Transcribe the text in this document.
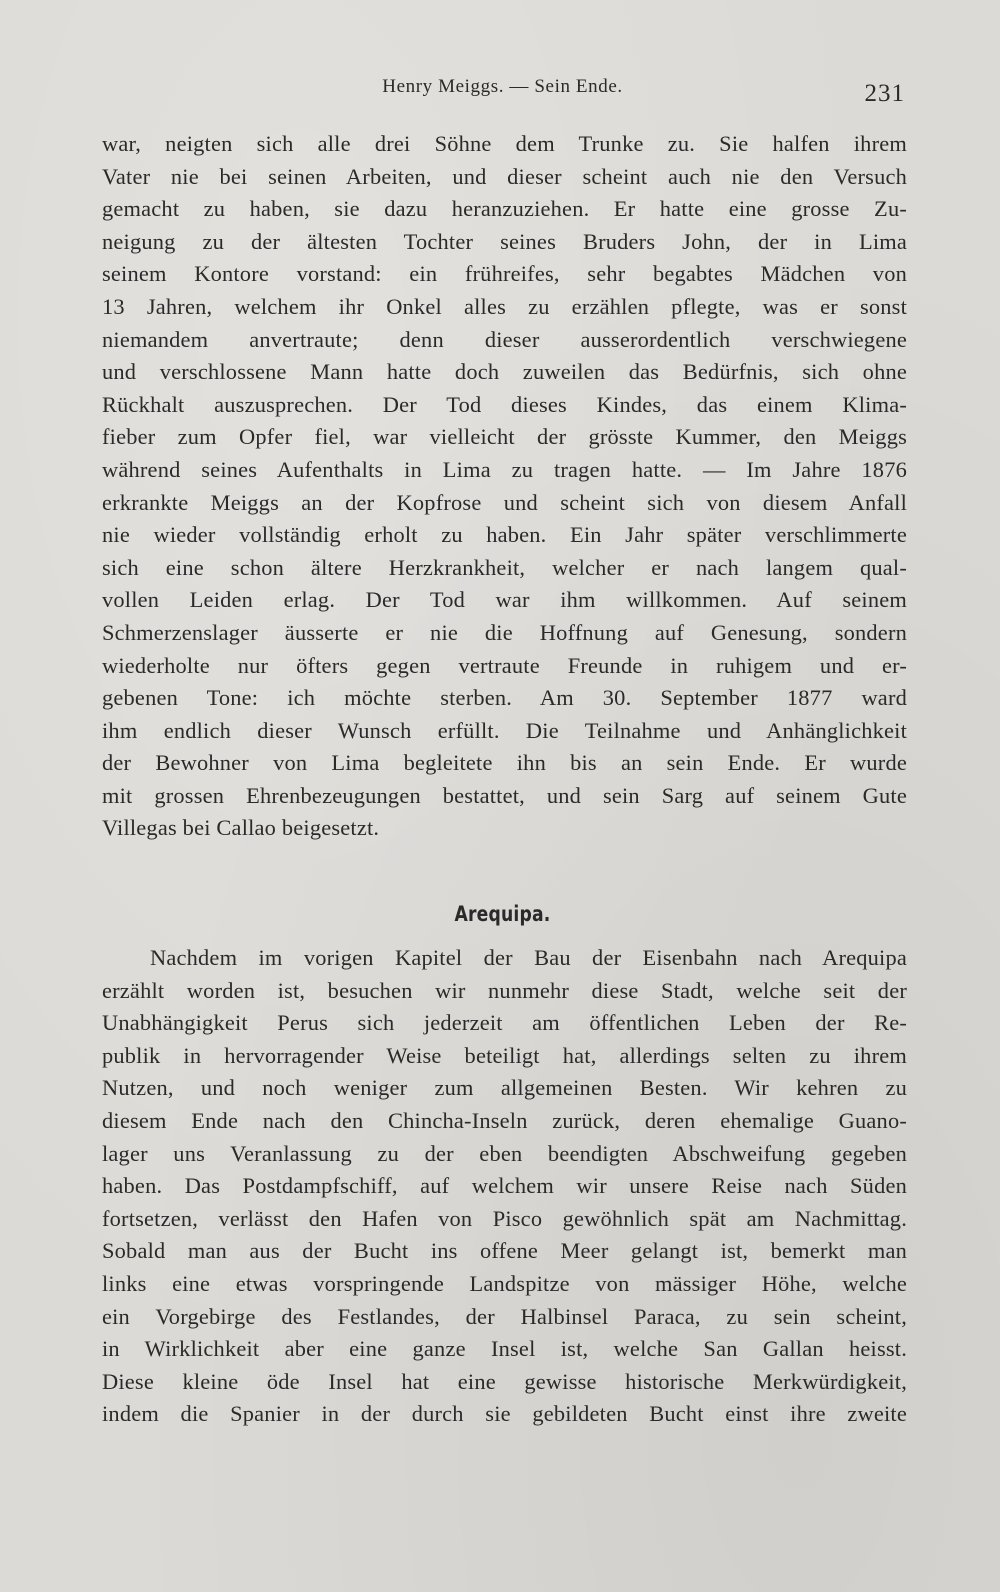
Henry Meiggs. — Sein Ende.	231
war, neigten sich alle drei Söhne dem Trunke zu. Sie halfen ihrem
Vater nie bei seinen Arbeiten, und dieser scheint auch nie den Versuch
gemacht zu haben, sie dazu heranzuziehen. Er hatte eine grosse Zu-
neigung zu der ältesten Tochter seines Bruders John, der in Lima
seinem Kontore vorstand: ein frühreifes, sehr begabtes Mädchen von
13 Jahren, welchem ihr Onkel alles zu erzählen pflegte, was er sonst
niemandem anvertraute; denn dieser ausserordentlich verschwiegene
und verschlossene Mann hatte doch zuweilen das Bedürfnis, sich ohne
Rückhalt auszusprechen. Der Tod dieses Kindes, das einem Klima-
fieber zum Opfer fiel, war vielleicht der grösste Kummer, den Meiggs
während seines Aufenthalts in Lima zu tragen hatte. — Im Jahre 1876
erkrankte Meiggs an der Kopfrose und scheint sich von diesem Anfall
nie wieder vollständig erholt zu haben. Ein Jahr später verschlimmerte
sich eine schon ältere Herzkrankheit, welcher er nach langem qual-
vollen Leiden erlag. Der Tod war ihm willkommen. Auf seinem
Schmerzenslager äusserte er nie die Hoffnung auf Genesung, sondern
wiederholte nur öfters gegen vertraute Freunde in ruhigem und er-
gebenen Tone: ich möchte sterben. Am 30. September 1877 ward
ihm endlich dieser Wunsch erfüllt. Die Teilnahme und Anhänglichkeit
der Bewohner von Lima begleitete ihn bis an sein Ende. Er wurde
mit grossen Ehrenbezeugungen bestattet, und sein Sarg auf seinem Gute
Villegas bei Callao beigesetzt.
Arequipa.
Nachdem im vorigen Kapitel der Bau der Eisenbahn nach Arequipa
erzählt worden ist, besuchen wir nunmehr diese Stadt, welche seit der
Unabhängigkeit Perus sich jederzeit am öffentlichen Leben der Re-
publik in hervorragender Weise beteiligt hat, allerdings selten zu ihrem
Nutzen, und noch weniger zum allgemeinen Besten. Wir kehren zu
diesem Ende nach den Chincha-Inseln zurück, deren ehemalige Guano-
lager uns Veranlassung zu der eben beendigten Abschweifung gegeben
haben. Das Postdampfschiff, auf welchem wir unsere Reise nach Süden
fortsetzen, verlässt den Hafen von Pisco gewöhnlich spät am Nachmittag.
Sobald man aus der Bucht ins offene Meer gelangt ist, bemerkt man
links eine etwas vorspringende Landspitze von mässiger Höhe, welche
ein Vorgebirge des Festlandes, der Halbinsel Paraca, zu sein scheint,
in Wirklichkeit aber eine ganze Insel ist, welche San Gallan heisst.
Diese kleine öde Insel hat eine gewisse historische Merkwürdigkeit,
indem die Spanier in der durch sie gebildeten Bucht einst ihre zweite
